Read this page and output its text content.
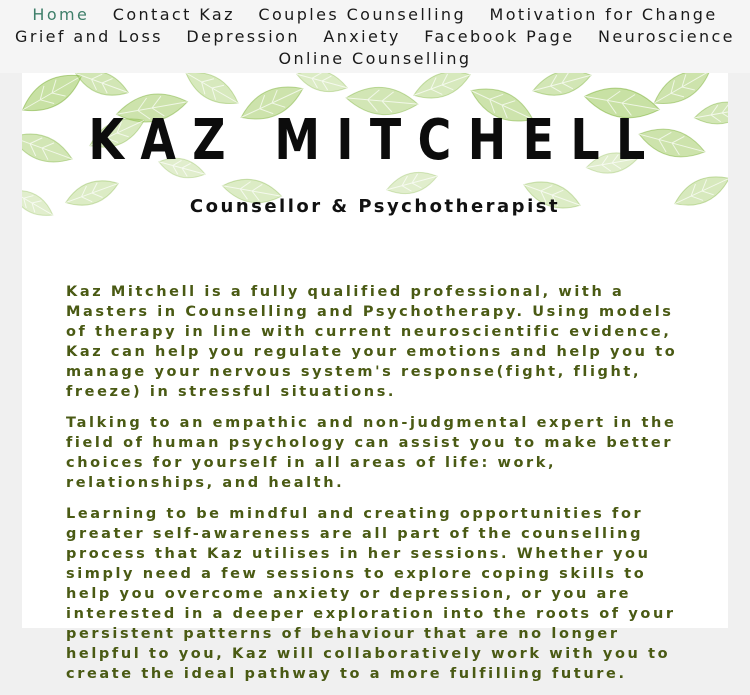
Home Contact Kaz Couples Counselling Motivation for Change Grief and Loss Depression Anxiety Facebook Page Neuroscience Online Counselling
KAZ MITCHELL
Counsellor & Psychotherapist

Kaz Mitchell is a fully qualified professional, with a Masters in Counselling and Psychotherapy. Using models of therapy in line with current neuroscientific evidence, Kaz can help you regulate your emotions and help you to manage your nervous system's response(fight, flight, freeze) in stressful situations.

Talking to an empathic and non-judgmental expert in the field of human psychology can assist you to make better choices for yourself in all areas of life: work, relationships, and health.

Learning to be mindful and creating opportunities for greater self-awareness are all part of the counselling process that Kaz utilises in her sessions. Whether you simply need a few sessions to explore coping skills to help you overcome anxiety or depression, or you are interested in a deeper exploration into the roots of your persistent patterns of behaviour that are no longer helpful to you, Kaz will collaboratively work with you to create the ideal pathway to a more fulfilling future.
